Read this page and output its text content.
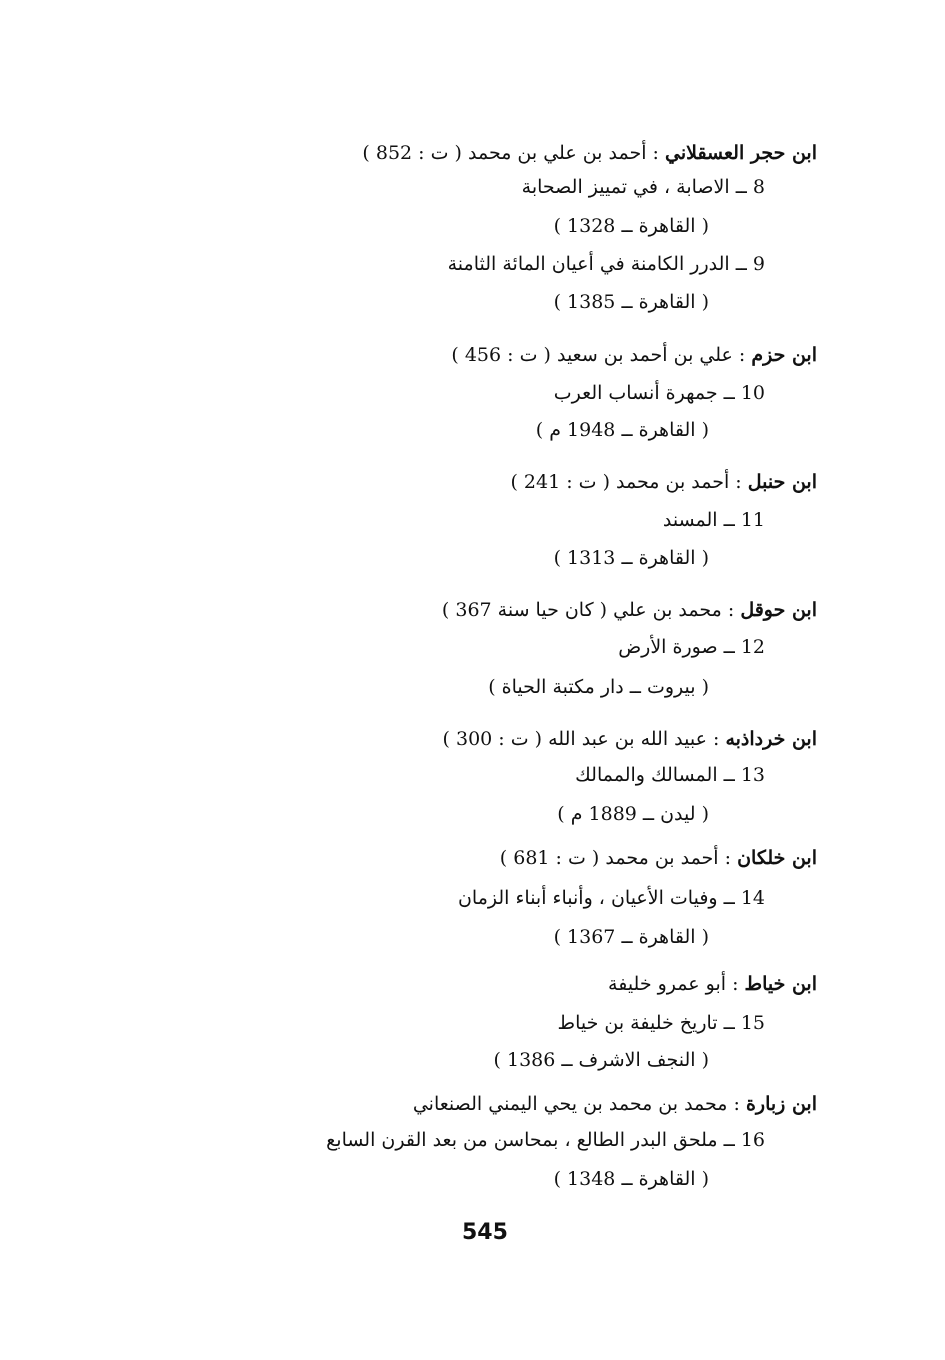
ابن حجر العسقلاني : أحمد بن علي بن محمد ( ت : 852 )
8 ــ الاصابة ، في تمييز الصحابة
( القاهرة ــ 1328 )
9 ــ الدرر الكامنة في أعيان المائة الثامنة
( القاهرة ــ 1385 )
ابن حزم : علي بن أحمد بن سعيد ( ت : 456 )
10 ــ جمهرة أنساب العرب
( القاهرة ــ 1948 م )
ابن حنبل : أحمد بن محمد ( ت : 241 )
11 ــ المسند
( القاهرة ــ 1313 )
ابن حوقل : محمد بن علي ( كان حيا سنة 367 )
12 ــ صورة الأرض
( بيروت ــ دار مكتبة الحياة )
ابن خرداذبه : عبيد الله بن عبد الله ( ت : 300 )
13 ــ المسالك والممالك
( ليدن ــ 1889 م )
ابن خلكان : أحمد بن محمد ( ت : 681 )
14 ــ وفيات الأعيان ، وأنباء أبناء الزمان
( القاهرة ــ 1367 )
ابن خياط : أبو عمرو خليفة
15 ــ تاريخ خليفة بن خياط
( النجف الاشرف ــ 1386 )
ابن زبارة : محمد بن محمد بن يحي اليمني الصنعاني
16 ــ ملحق البدر الطالع ، بمحاسن من بعد القرن السابع
( القاهرة ــ 1348 )
545
